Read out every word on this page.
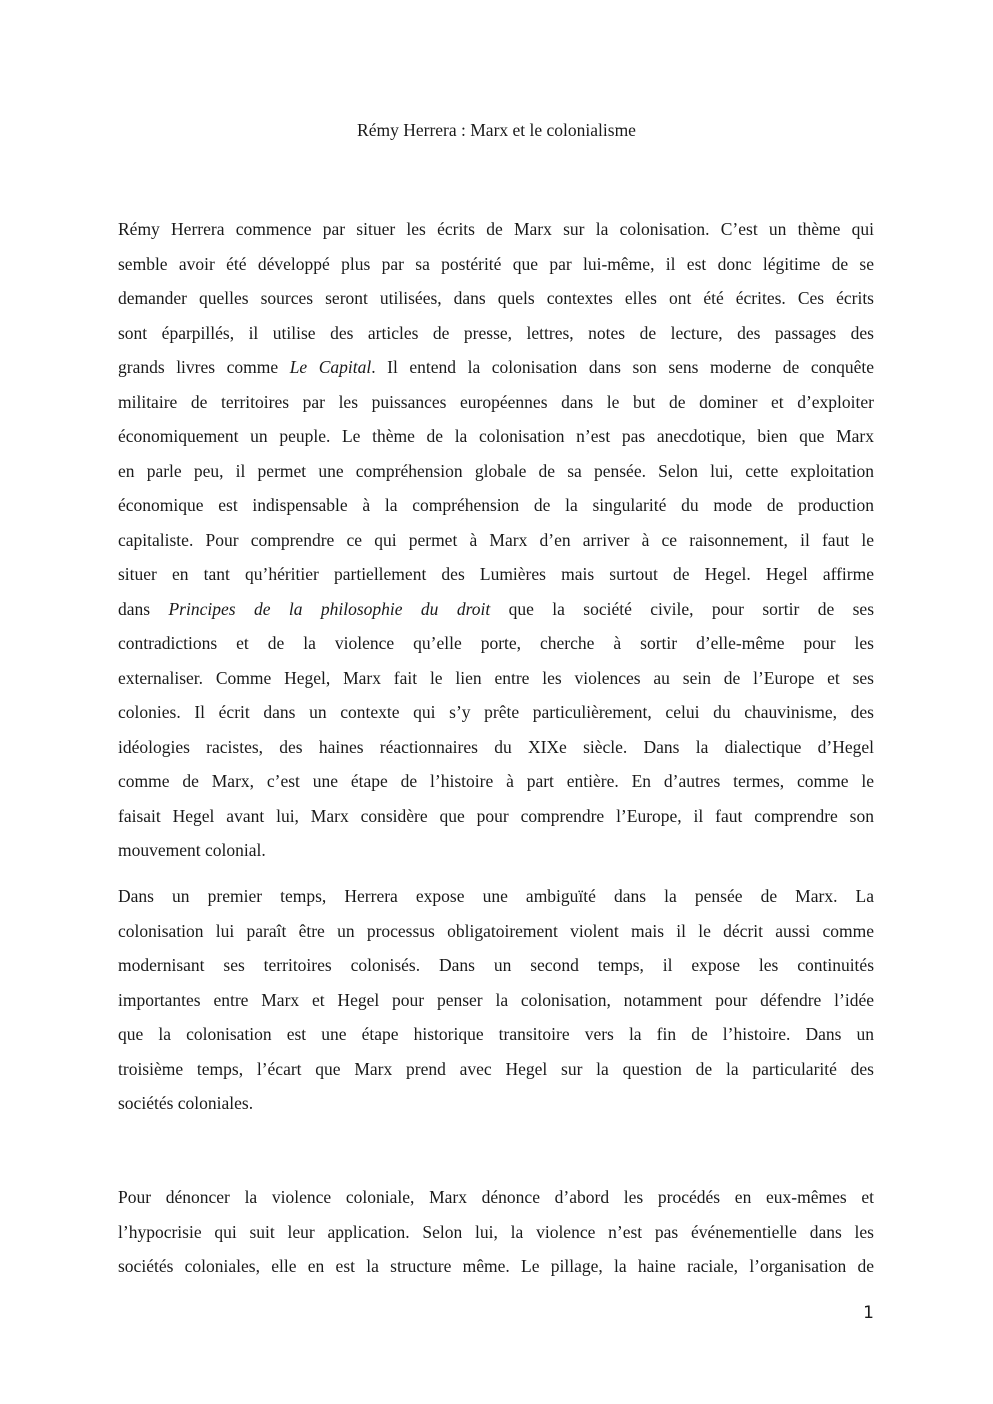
Rémy Herrera : Marx et le colonialisme
Rémy Herrera commence par situer les écrits de Marx sur la colonisation. C’est un thème qui
semble avoir été développé plus par sa postérité que par lui-même, il est donc légitime de se
demander quelles sources seront utilisées, dans quels contextes elles ont été écrites. Ces écrits
sont éparpillés, il utilise des articles de presse, lettres, notes de lecture, des passages des
grands livres comme Le Capital. Il entend la colonisation dans son sens moderne de conquête
militaire de territoires par les puissances européennes dans le but de dominer et d’exploiter
économiquement un peuple. Le thème de la colonisation n’est pas anecdotique, bien que Marx
en parle peu, il permet une compréhension globale de sa pensée. Selon lui, cette exploitation
économique est indispensable à la compréhension de la singularité du mode de production
capitaliste. Pour comprendre ce qui permet à Marx d’en arriver à ce raisonnement, il faut le
situer en tant qu’héritier partiellement des Lumières mais surtout de Hegel. Hegel affirme
dans Principes de la philosophie du droit que la société civile, pour sortir de ses
contradictions et de la violence qu’elle porte, cherche à sortir d’elle-même pour les
externaliser. Comme Hegel, Marx fait le lien entre les violences au sein de l’Europe et ses
colonies. Il écrit dans un contexte qui s’y prête particulièrement, celui du chauvinisme, des
idéologies racistes, des haines réactionnaires du XIXe siècle. Dans la dialectique d’Hegel
comme de Marx, c’est une étape de l’histoire à part entière. En d’autres termes, comme le
faisait Hegel avant lui, Marx considère que pour comprendre l’Europe, il faut comprendre son
mouvement colonial.
Dans un premier temps, Herrera expose une ambiguïté dans la pensée de Marx. La
colonisation lui paraît être un processus obligatoirement violent mais il le décrit aussi comme
modernisant ses territoires colonisés. Dans un second temps, il expose les continuités
importantes entre Marx et Hegel pour penser la colonisation, notamment pour défendre l’idée
que la colonisation est une étape historique transitoire vers la fin de l’histoire. Dans un
troisième temps, l’écart que Marx prend avec Hegel sur la question de la particularité des
sociétés coloniales.
Pour dénoncer la violence coloniale, Marx dénonce d’abord les procédés en eux-mêmes et
l’hypocrisie qui suit leur application. Selon lui, la violence n’est pas événementielle dans les
sociétés coloniales, elle en est la structure même. Le pillage, la haine raciale, l’organisation de
1
